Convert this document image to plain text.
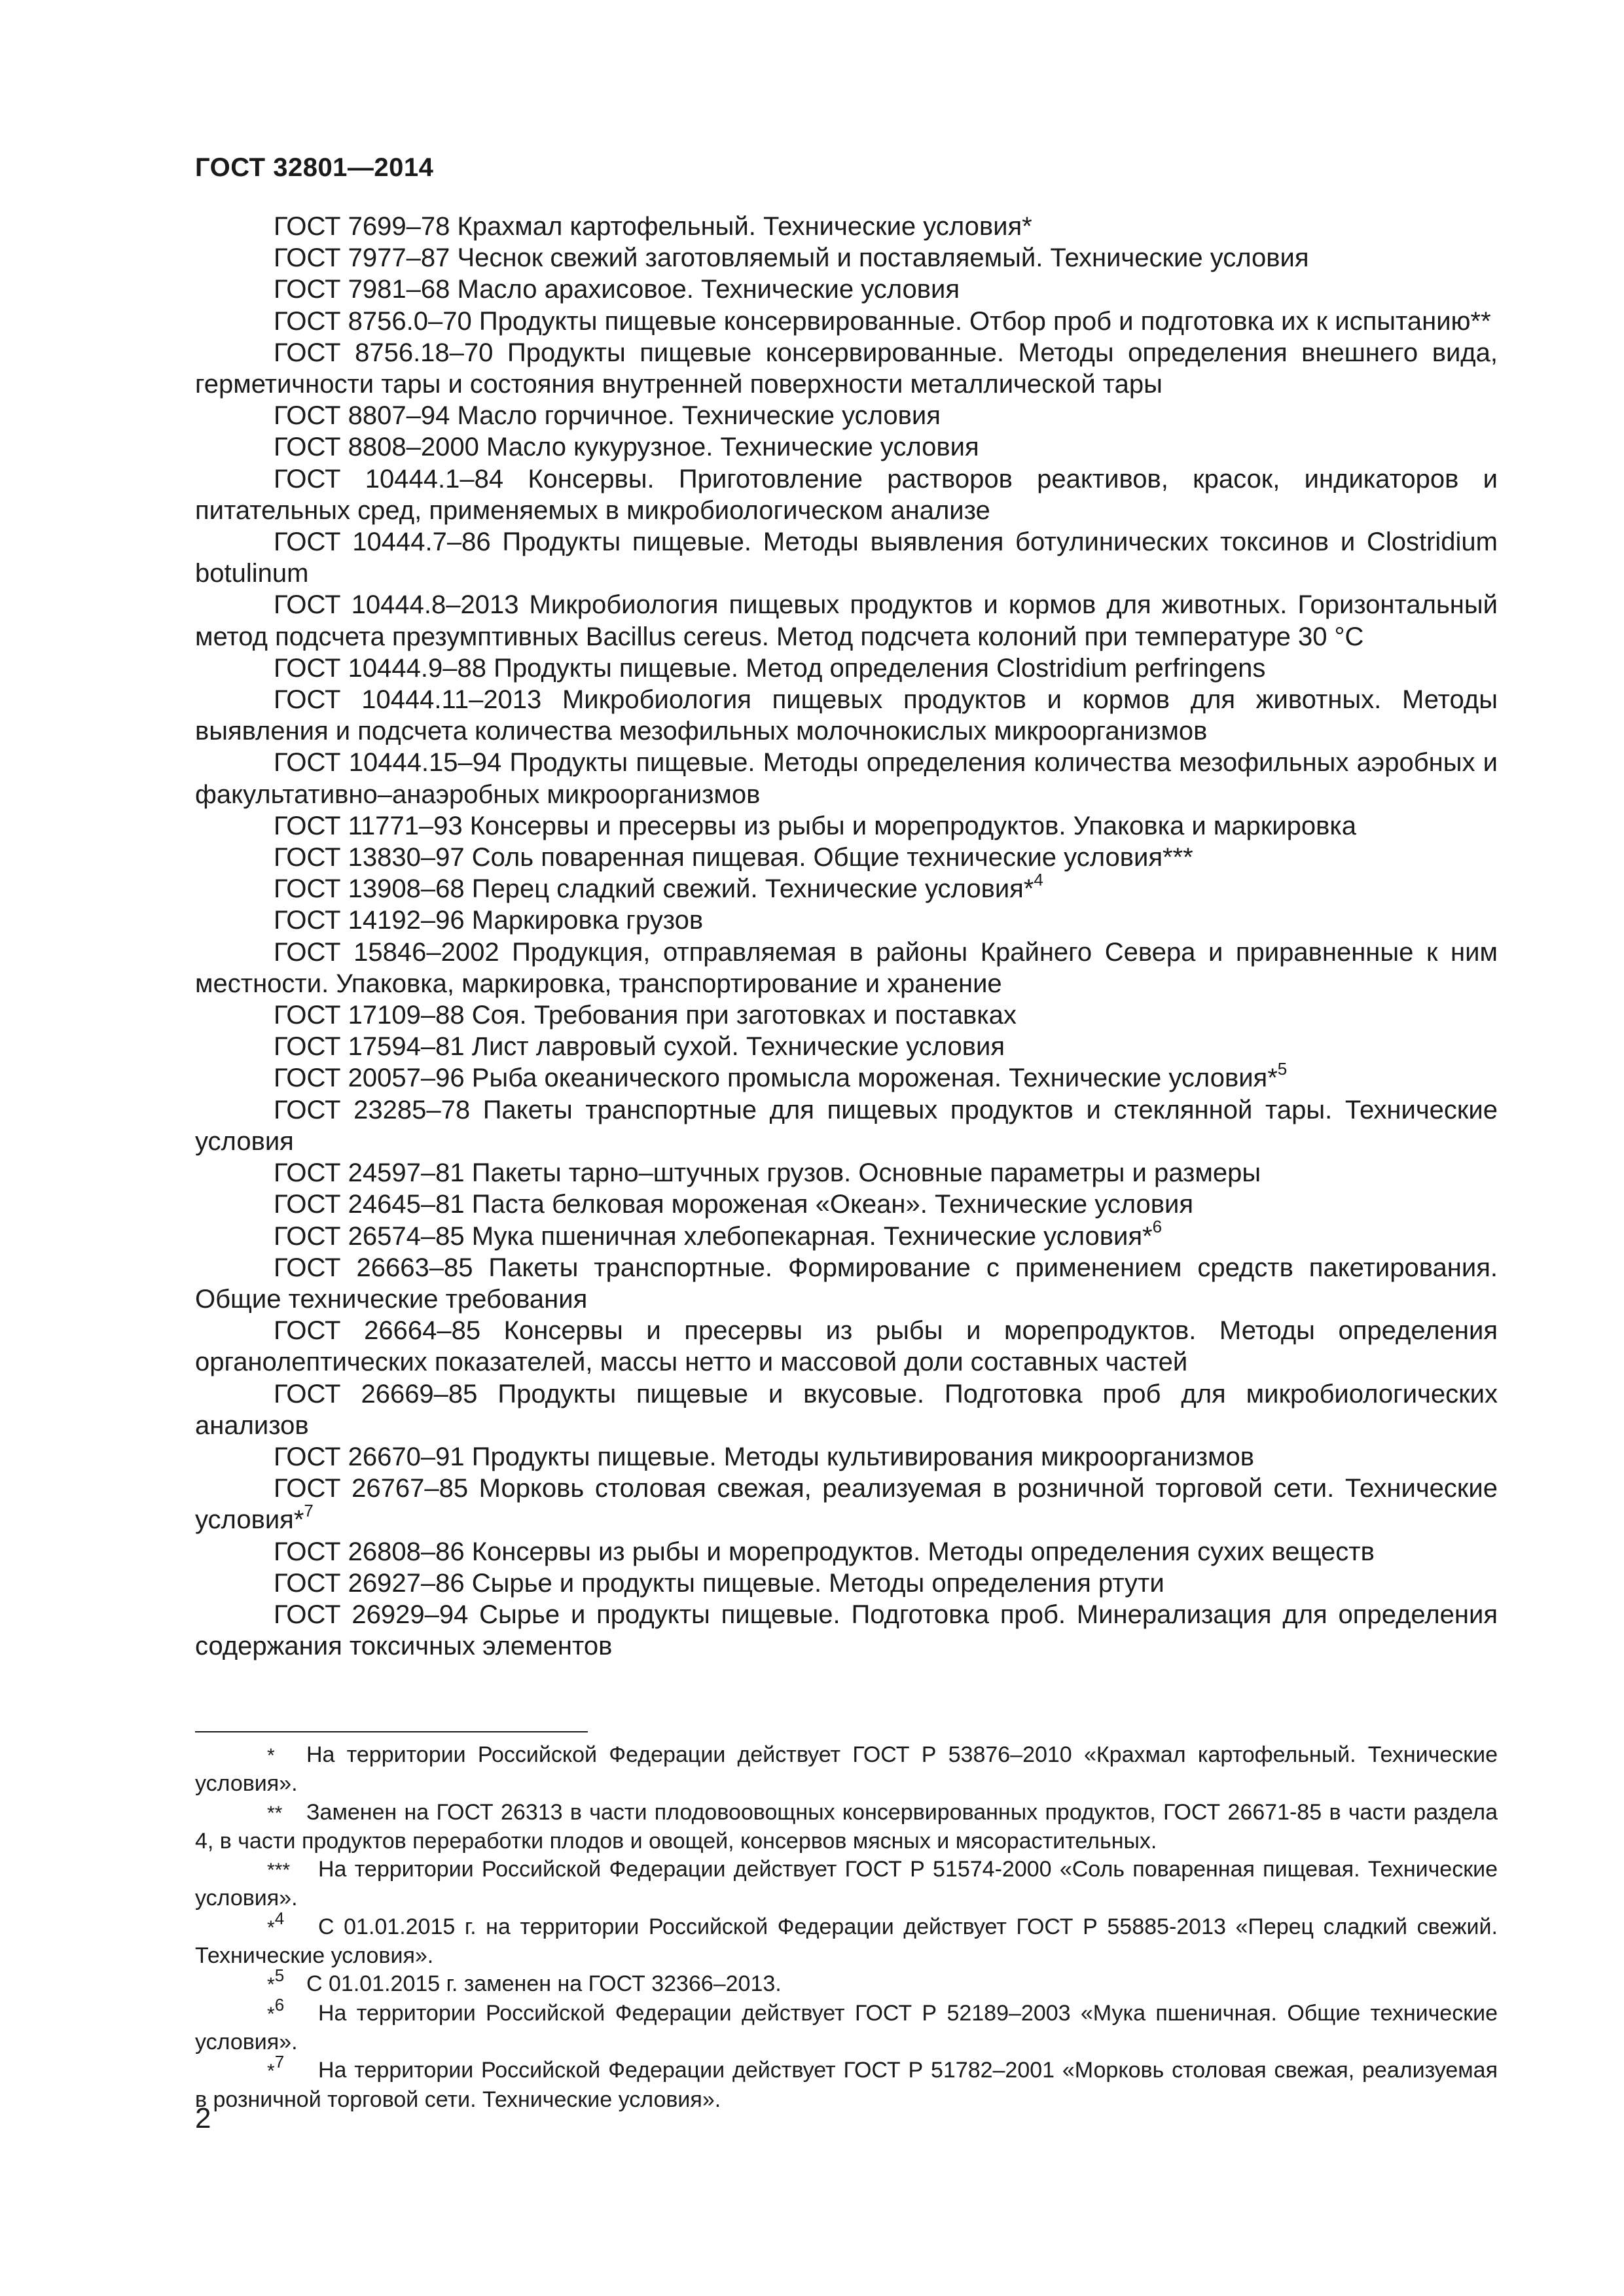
ГОСТ 32801—2014

ГОСТ 7699–78 Крахмал картофельный. Технические условия*

ГОСТ 7977–87 Чеснок свежий заготовляемый и поставляемый. Технические условия

ГОСТ 7981–68 Масло арахисовое. Технические условия

ГОСТ 8756.0–70 Продукты пищевые консервированные. Отбор проб и подготовка их к испытанию**

ГОСТ 8756.18–70 Продукты пищевые консервированные. Методы определения внешнего вида, герметичности тары и состояния внутренней поверхности металлической тары

ГОСТ 8807–94 Масло горчичное. Технические условия

ГОСТ 8808–2000 Масло кукурузное. Технические условия

ГОСТ 10444.1–84 Консервы. Приготовление растворов реактивов, красок, индикаторов и питательных сред, применяемых в микробиологическом анализе

ГОСТ 10444.7–86 Продукты пищевые. Методы выявления ботулинических токсинов и Clostridium botulinum

ГОСТ 10444.8–2013 Микробиология пищевых продуктов и кормов для животных. Горизонтальный метод подсчета презумптивных Bacillus cereus. Метод подсчета колоний при температуре 30 °С

ГОСТ 10444.9–88 Продукты пищевые. Метод определения Clostridium perfringens

ГОСТ 10444.11–2013 Микробиология пищевых продуктов и кормов для животных. Методы выявления и подсчета количества мезофильных молочнокислых микроорганизмов

ГОСТ 10444.15–94 Продукты пищевые. Методы определения количества мезофильных аэробных и факультативно–анаэробных микроорганизмов

ГОСТ 11771–93 Консервы и пресервы из рыбы и морепродуктов. Упаковка и маркировка

ГОСТ 13830–97 Соль поваренная пищевая. Общие технические условия***

ГОСТ 13908–68 Перец сладкий свежий. Технические условия*$^4$

ГОСТ 14192–96 Маркировка грузов

ГОСТ 15846–2002 Продукция, отправляемая в районы Крайнего Севера и приравненные к ним местности. Упаковка, маркировка, транспортирование и хранение

ГОСТ 17109–88 Соя. Требования при заготовках и поставках

ГОСТ 17594–81 Лист лавровый сухой. Технические условия

ГОСТ 20057–96 Рыба океанического промысла мороженая. Технические условия*$^5$

ГОСТ 23285–78 Пакеты транспортные для пищевых продуктов и стеклянной тары. Технические условия

ГОСТ 24597–81 Пакеты тарно–штучных грузов. Основные параметры и размеры

ГОСТ 24645–81 Паста белковая мороженая «Океан». Технические условия

ГОСТ 26574–85 Мука пшеничная хлебопекарная. Технические условия*$^6$

ГОСТ 26663–85 Пакеты транспортные. Формирование с применением средств пакетирования. Общие технические требования

ГОСТ 26664–85 Консервы и пресервы из рыбы и морепродуктов. Методы определения органолептических показателей, массы нетто и массовой доли составных частей

ГОСТ 26669–85 Продукты пищевые и вкусовые. Подготовка проб для микробиологических анализов

ГОСТ 26670–91 Продукты пищевые. Методы культивирования микроорганизмов

ГОСТ 26767–85 Морковь столовая свежая, реализуемая в розничной торговой сети. Технические условия*$^7$

ГОСТ 26808–86 Консервы из рыбы и морепродуктов. Методы определения сухих веществ

ГОСТ 26927–86 Сырье и продукты пищевые. Методы определения ртути

ГОСТ 26929–94 Сырье и продукты пищевые. Подготовка проб. Минерализация для определения содержания токсичных элементов

* На территории Российской Федерации действует ГОСТ Р 53876–2010 «Крахмал картофельный. Технические условия».

** Заменен на ГОСТ 26313 в части плодовоовощных консервированных продуктов, ГОСТ 26671-85 в части раздела 4, в части продуктов переработки плодов и овощей, консервов мясных и мясорастительных.

*** На территории Российской Федерации действует ГОСТ Р 51574-2000 «Соль поваренная пищевая. Технические условия».

*$^4$ С 01.01.2015 г. на территории Российской Федерации действует ГОСТ Р 55885-2013 «Перец сладкий свежий. Технические условия».

*$^5$ С 01.01.2015 г. заменен на ГОСТ 32366–2013.

*$^6$ На территории Российской Федерации действует ГОСТ Р 52189–2003 «Мука пшеничная. Общие технические условия».

*$^7$ На территории Российской Федерации действует ГОСТ Р 51782–2001 «Морковь столовая свежая, реализуемая в розничной торговой сети. Технические условия».

2
